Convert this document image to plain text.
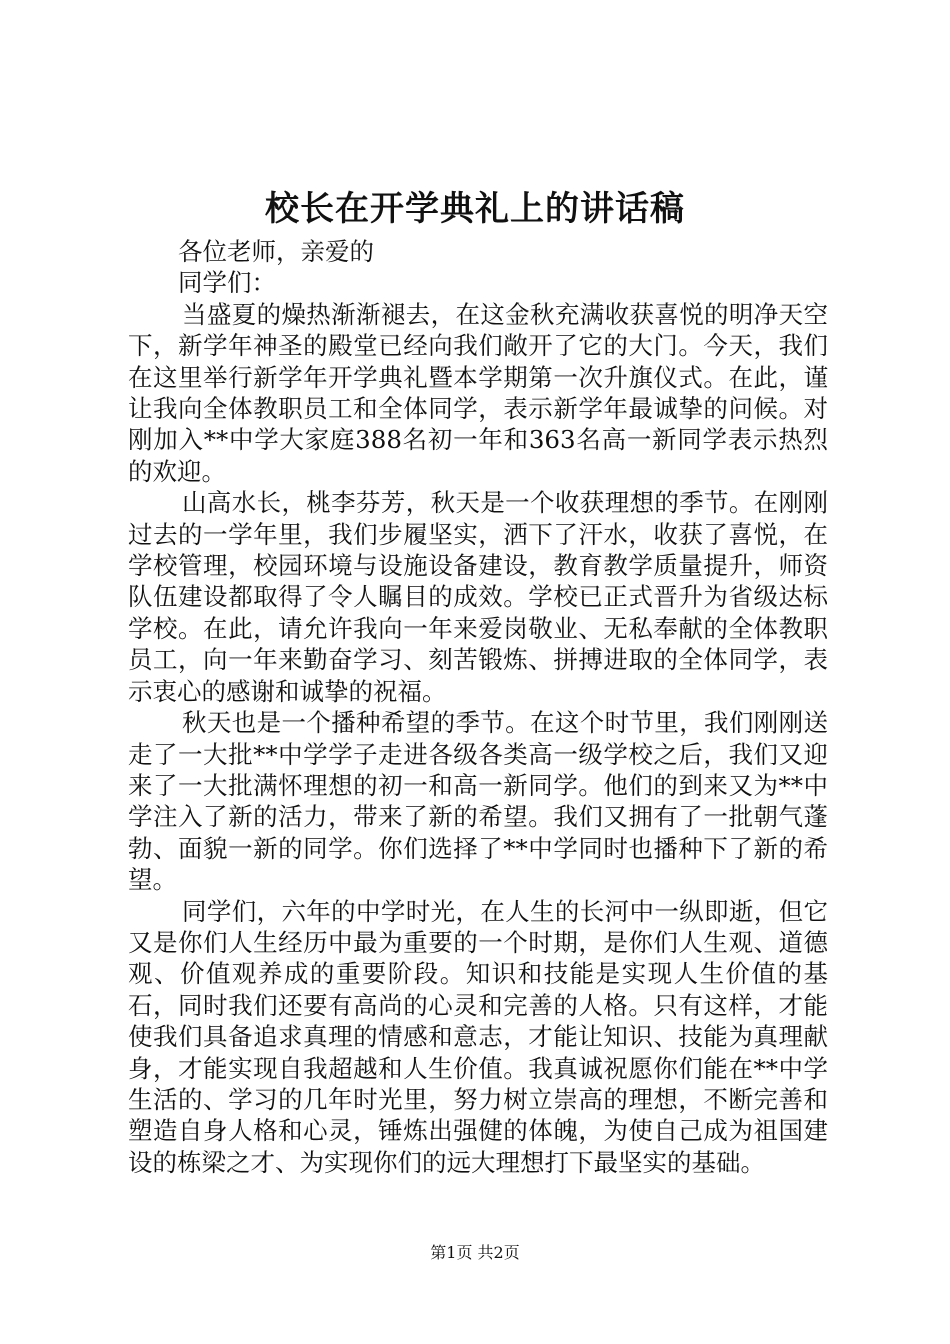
校长在开学典礼上的讲话稿

各位老师，亲爱的

同学们：

当盛夏的燥热渐渐褪去，在这金秋充满收获喜悦的明净天空下，新学年神圣的殿堂已经向我们敞开了它的大门。今天，我们在这里举行新学年开学典礼暨本学期第一次升旗仪式。在此，谨让我向全体教职员工和全体同学，表示新学年最诚挚的问候。对刚加入**中学大家庭388名初一年和363名高一新同学表示热烈的欢迎。

山高水长，桃李芬芳，秋天是一个收获理想的季节。在刚刚过去的一学年里，我们步履坚实，洒下了汗水，收获了喜悦，在学校管理，校园环境与设施设备建设，教育教学质量提升，师资队伍建设都取得了令人瞩目的成效。学校已正式晋升为省级达标学校。在此，请允许我向一年来爱岗敬业、无私奉献的全体教职员工，向一年来勤奋学习、刻苦锻炼、拼搏进取的全体同学，表示衷心的感谢和诚挚的祝福。

秋天也是一个播种希望的季节。在这个时节里，我们刚刚送走了一大批**中学学子走进各级各类高一级学校之后，我们又迎来了一大批满怀理想的初一和高一新同学。他们的到来又为**中学注入了新的活力，带来了新的希望。我们又拥有了一批朝气蓬勃、面貌一新的同学。你们选择了**中学同时也播种下了新的希望。

同学们，六年的中学时光，在人生的长河中一纵即逝，但它又是你们人生经历中最为重要的一个时期，是你们人生观、道德观、价值观养成的重要阶段。知识和技能是实现人生价值的基石，同时我们还要有高尚的心灵和完善的人格。只有这样，才能使我们具备追求真理的情感和意志，才能让知识、技能为真理献身，才能实现自我超越和人生价值。我真诚祝愿你们能在**中学生活的、学习的几年时光里，努力树立崇高的理想，不断完善和塑造自身人格和心灵，锤炼出强健的体魄，为使自己成为祖国建设的栋梁之才、为实现你们的远大理想打下最坚实的基础。

第1页 共2页
